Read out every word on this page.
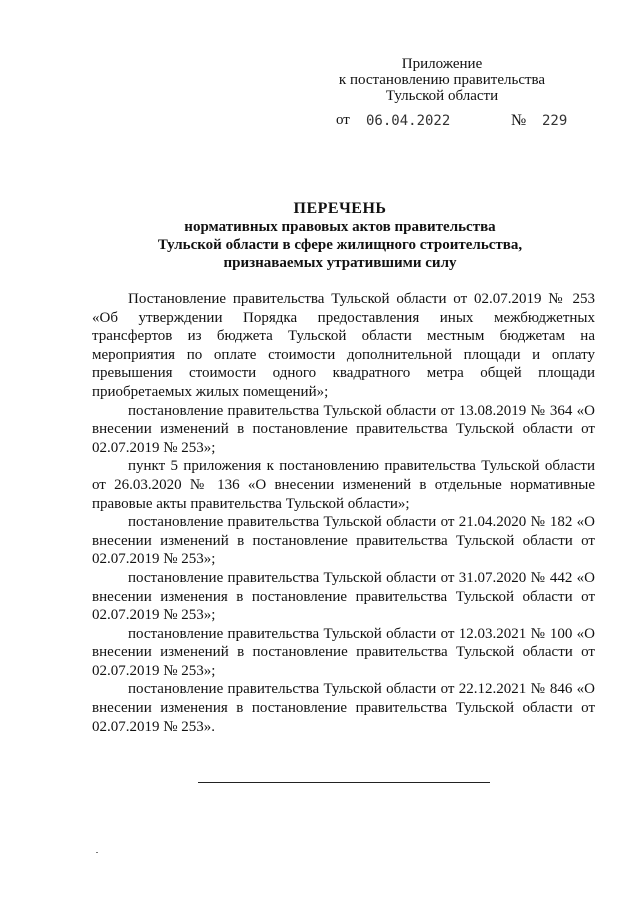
Приложение
к постановлению правительства
Тульской области
от 06.04.2022	№ 229
ПЕРЕЧЕНЬ
нормативных правовых актов правительства
Тульской области в сфере жилищного строительства,
признаваемых утратившими силу

Постановление правительства Тульской области от 02.07.2019 № 253 «Об утверждении Порядка предоставления иных межбюджетных трансфертов из бюджета Тульской области местным бюджетам на мероприятия по оплате стоимости дополнительной площади и оплату превышения стоимости одного квадратного метра общей площади приобретаемых жилых помещений»;

постановление правительства Тульской области от 13.08.2019 № 364 «О внесении изменений в постановление правительства Тульской области от 02.07.2019 № 253»;

пункт 5 приложения к постановлению правительства Тульской области от 26.03.2020 № 136 «О внесении изменений в отдельные нормативные правовые акты правительства Тульской области»;

постановление правительства Тульской области от 21.04.2020 № 182 «О внесении изменений в постановление правительства Тульской области от 02.07.2019 № 253»;

постановление правительства Тульской области от 31.07.2020 № 442 «О внесении изменения в постановление правительства Тульской области от 02.07.2019 № 253»;

постановление правительства Тульской области от 12.03.2021 № 100 «О внесении изменений в постановление правительства Тульской области от 02.07.2019 № 253»;

постановление правительства Тульской области от 22.12.2021 № 846 «О внесении изменения в постановление правительства Тульской области от 02.07.2019 № 253».
